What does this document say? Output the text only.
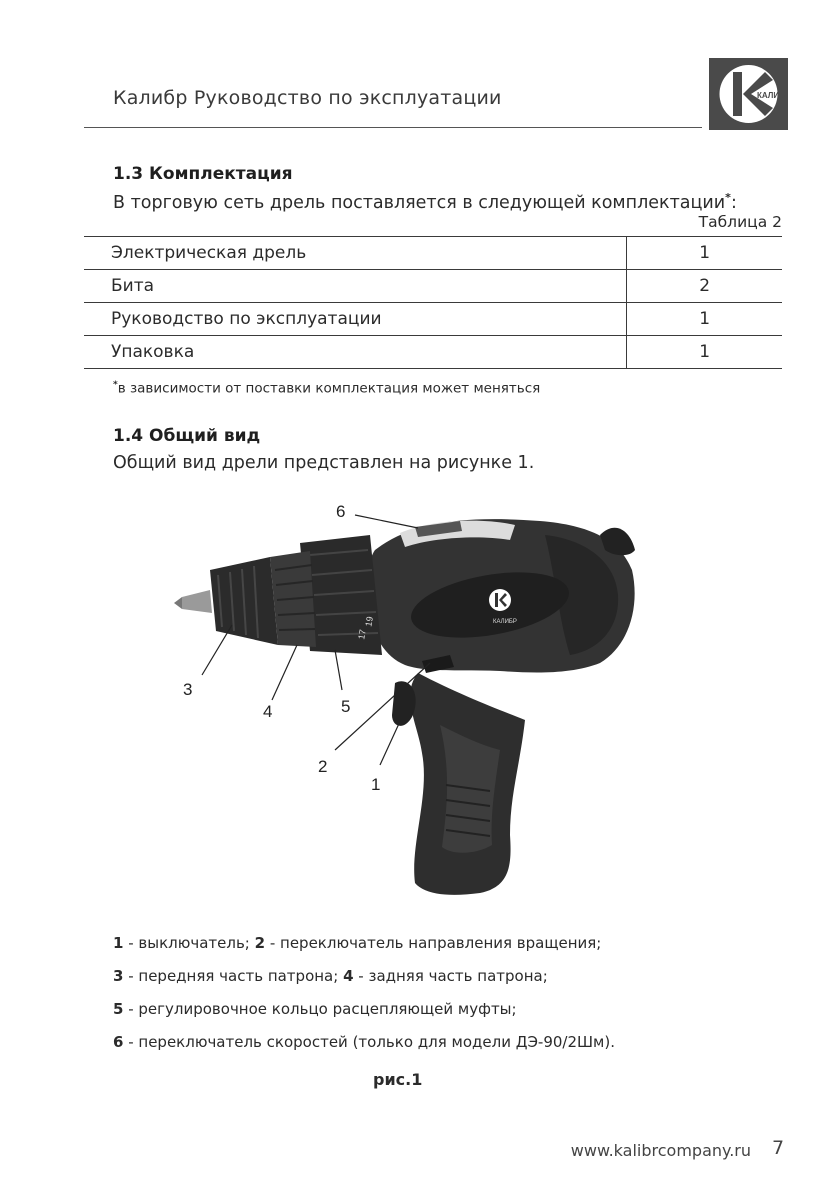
Калибр Руководство по эксплуатации	КАЛИБР
1.3 Комплектация
В торговую сеть дрель поставляется в следующей комплектации*:
Таблица 2
Электрическая дрель	1
Бита	2
Руководство по эксплуатации	1
Упаковка	1
*в зависимости от поставки комплектация может меняться
1.4 Общий вид
Общий вид дрели представлен на рисунке 1.
КАЛИБР
17
19
6
3
4	5
2
1
1 - выключатель; 2 - переключатель направления вращения;
3 - передняя часть патрона; 4 - задняя часть патрона;
5 - регулировочное кольцо расцепляющей муфты;
6 - переключатель скоростей (только для модели ДЭ-90/2Шм).
рис.1
www.kalibrcompany.ru 7
